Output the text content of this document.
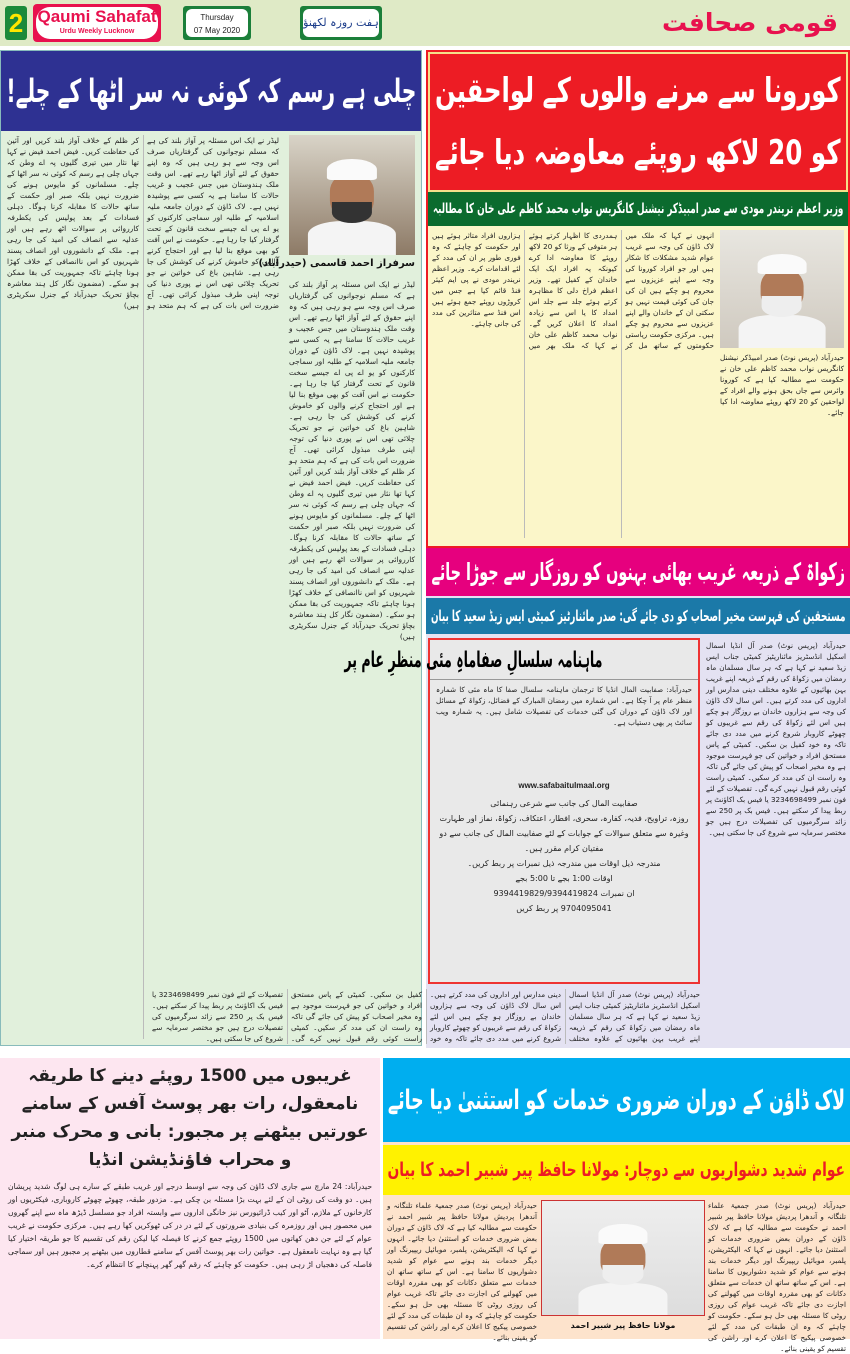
2 Qaumi Sahafat
Urdu Weekly Lucknow
Thursday
07 May 2020
ہفت روزہ لکھنؤ	قومی صحافت
کورونا سے مرنے والوں کے لواحقین
کو 20 لاکھ روپئے معاوضہ دیا جائے
وزیر اعظم نریندر مودی سے صدر امبیڈکر نیشنل کانگریس نواب محمد کاظم علی خان کا مطالبہ
حیدرآباد (پریس نوٹ) صدر امبیڈکر نیشنل کانگریس نواب محمد کاظم علی خان نے حکومت سے مطالبہ کیا ہے کہ کورونا وائرس سے جاں بحق ہونے والے افراد کے لواحقین کو 20 لاکھ روپئے معاوضہ ادا کیا جائے۔
انہوں نے کہا کہ ملک میں لاک ڈاؤن کی وجہ سے غریب عوام شدید مشکلات کا شکار ہیں اور جو افراد کورونا کی وجہ سے اپنے عزیزوں سے محروم ہو چکے ہیں ان کی جان کی کوئی قیمت نہیں ہو سکتی ان کے خاندان والے اپنے عزیزوں سے محروم ہو چکے ہیں۔ مرکزی حکومت ریاستی حکومتوں کے ساتھ مل کر ہمدردی کا اظہار کرتے ہوئے ہر متوفی کے ورثا کو 20 لاکھ روپئے کا معاوضہ ادا کرے کیونکہ یہ افراد ایک ایک خاندان کے کفیل تھے۔ وزیر اعظم فراخ دلی کا مظاہرہ کرتے ہوئے جلد سے جلد اس امداد کا یا اس سے زیادہ امداد کا اعلان کریں گے۔ نواب محمد کاظم علی خان نے کہا کہ ملک بھر میں ہزاروں افراد متاثر ہوئے ہیں اور حکومت کو چاہئے کہ وہ فوری طور پر ان کی مدد کے لئے اقدامات کرے۔ وزیر اعظم نریندر مودی نے پی ایم کیئر فنڈ قائم کیا ہے جس میں کروڑوں روپئے جمع ہوئے ہیں اس فنڈ سے متاثرین کی مدد کی جانی چاہئے۔
چلی ہے رسم کہ کوئی نہ سر اٹھا کے چلے!
سرفراز احمد قاسمی (حیدرآباد)
لیڈر نے ایک اس مسئلہ پر آواز بلند کی ہے کہ مسلم نوجوانوں کی گرفتاریاں صرف اس وجہ سے ہو رہی ہیں کہ وہ اپنے حقوق کے لئے آواز اٹھا رہے تھے۔ اس وقت ملک ہندوستان میں جس عجیب و غریب حالات کا سامنا ہے یہ کسی سے پوشیدہ نہیں ہے۔ لاک ڈاؤن کے دوران جامعہ ملیہ اسلامیہ کے طلبہ اور سماجی کارکنوں کو یو اے پی اے جیسے سخت قانون کے تحت گرفتار کیا جا رہا ہے۔ حکومت نے اس آفت کو بھی موقع بنا لیا ہے اور احتجاج کرنے والوں کو خاموش کرنے کی کوشش کی جا رہی ہے۔ شاہین باغ کی خواتین نے جو تحریک چلائی تھی اس نے پوری دنیا کی توجہ اپنی طرف مبذول کرائی تھی۔ آج ضرورت اس بات کی ہے کہ ہم متحد ہو کر ظلم کے خلاف آواز بلند کریں اور آئین کی حفاظت کریں۔ فیض احمد فیض نے کہا تھا نثار میں تیری گلیوں پہ اے وطن کہ جہاں چلی ہے رسم کہ کوئی نہ سر اٹھا کے چلے۔ مسلمانوں کو مایوس ہونے کی ضرورت نہیں بلکہ صبر اور حکمت کے ساتھ حالات کا مقابلہ کرنا ہوگا۔ دہلی فسادات کے بعد پولیس کی یکطرفہ کارروائی پر سوالات اٹھ رہے ہیں اور عدلیہ سے انصاف کی امید کی جا رہی ہے۔ ملک کے دانشوروں اور انصاف پسند شہریوں کو اس ناانصافی کے خلاف کھڑا ہونا چاہئے تاکہ جمہوریت کی بقا ممکن ہو سکے۔ (مضمون نگار کل ہند معاشرہ بچاؤ تحریک حیدرآباد کے جنرل سکریٹری ہیں)
لیڈر نے ایک اس مسئلہ پر آواز بلند کی ہے کہ مسلم نوجوانوں کی گرفتاریاں صرف اس وجہ سے ہو رہی ہیں کہ وہ اپنے حقوق کے لئے آواز اٹھا رہے تھے۔ اس وقت ملک ہندوستان میں جس عجیب و غریب حالات کا سامنا ہے یہ کسی سے پوشیدہ نہیں ہے۔ لاک ڈاؤن کے دوران جامعہ ملیہ اسلامیہ کے طلبہ اور سماجی کارکنوں کو یو اے پی اے جیسے سخت قانون کے تحت گرفتار کیا جا رہا ہے۔ حکومت نے اس آفت کو بھی موقع بنا لیا ہے اور احتجاج کرنے والوں کو خاموش کرنے کی کوشش کی جا رہی ہے۔ شاہین باغ کی خواتین نے جو تحریک چلائی تھی اس نے پوری دنیا کی توجہ اپنی طرف مبذول کرائی تھی۔ آج ضرورت اس بات کی ہے کہ ہم متحد ہو کر ظلم کے خلاف آواز بلند کریں اور آئین کی حفاظت کریں۔ فیض احمد فیض نے کہا تھا نثار میں تیری گلیوں پہ اے وطن کہ جہاں چلی ہے رسم کہ کوئی نہ سر اٹھا کے چلے۔ مسلمانوں کو مایوس ہونے کی ضرورت نہیں بلکہ صبر اور حکمت کے ساتھ حالات کا مقابلہ کرنا ہوگا۔ دہلی فسادات کے بعد پولیس کی یکطرفہ کارروائی پر سوالات اٹھ رہے ہیں اور عدلیہ سے انصاف کی امید کی جا رہی ہے۔ ملک کے دانشوروں اور انصاف پسند شہریوں کو اس ناانصافی کے خلاف کھڑا ہونا چاہئے تاکہ جمہوریت کی بقا ممکن ہو سکے۔ (مضمون نگار کل ہند معاشرہ بچاؤ تحریک حیدرآباد کے جنرل سکریٹری ہیں)
زکواۃ کے ذریعہ غریب بھائی بہنوں کو روزگار سے جوڑا جائے
مستحقین کی فہرست مخیر اصحاب کو دی جائے گی: صدر مائنارٹیز کمیٹی ایس زیڈ سعید کا بیان
حیدرآباد (پریس نوٹ) صدر آل انڈیا اسمال اسکیل انڈسٹریز مائناریٹیز کمیٹی جناب ایس زیڈ سعید نے کہا ہے کہ ہر سال مسلمان ماہ رمضان میں زکواۃ کی رقم کے ذریعہ اپنے غریب بہن بھائیوں کے علاوہ مختلف دینی مدارس اور اداروں کی مدد کرتے ہیں۔ اس سال لاک ڈاؤن کی وجہ سے ہزاروں خاندان بے روزگار ہو چکے ہیں اس لئے زکواۃ کی رقم سے غریبوں کو چھوٹے کاروبار شروع کرنے میں مدد دی جائے تاکہ وہ خود کفیل بن سکیں۔ کمیٹی کے پاس مستحق افراد و خواتین کی جو فہرست موجود ہے وہ مخیر اصحاب کو پیش کی جائے گی تاکہ وہ راست ان کی مدد کر سکیں۔ کمیٹی راست کوئی رقم قبول نہیں کرے گی۔ تفصیلات کے لئے فون نمبر 3234698499 یا فیس بک اکاؤنٹ پر ربط پیدا کر سکتے ہیں۔ فیس بک پر 250 سے زائد سرگرمیوں کی تفصیلات درج ہیں جو مختصر سرمایہ سے شروع کی جا سکتی ہیں۔
حیدرآباد (پریس نوٹ) صدر آل انڈیا اسمال اسکیل انڈسٹریز مائناریٹیز کمیٹی جناب ایس زیڈ سعید نے کہا ہے کہ ہر سال مسلمان ماہ رمضان میں زکواۃ کی رقم کے ذریعہ اپنے غریب بہن بھائیوں کے علاوہ مختلف دینی مدارس اور اداروں کی مدد کرتے ہیں۔ اس سال لاک ڈاؤن کی وجہ سے ہزاروں خاندان بے روزگار ہو چکے ہیں اس لئے زکواۃ کی رقم سے غریبوں کو چھوٹے کاروبار شروع کرنے میں مدد دی جائے تاکہ وہ خود
ماہنامہ سلسالِ صفاماہِ مئی منظرِ عام پر
حیدرآباد: صفابیت المال انڈیا کا ترجمان ماہنامہ سلسال صفا کا ماہ مئی کا شمارہ منظر عام پر آ چکا ہے۔ اس شمارہ میں رمضان المبارک کے فضائل، زکواۃ کے مسائل اور لاک ڈاؤن کے دوران کی گئی خدمات کی تفصیلات شامل ہیں۔ یہ شمارہ ویب سائٹ پر بھی دستیاب ہے۔
www.safabaitulmaal.org
صفابیت المال کی جانب سے شرعی رہنمائی
روزہ، تراویح، فدیہ، کفارہ، سحری، افطار، اعتکاف، زکواۃ، نماز اور طہارت وغیرہ سے متعلق سوالات کے جوابات کے لئے صفابیت المال کی جانب سے دو مفتیان کرام مقرر ہیں۔
مندرجہ ذیل اوقات میں مندرجہ ذیل نمبرات پر ربط کریں۔
اوقات 1:00 بجے تا 5:00 بجے
ان نمبرات 9394419829/9394419824
9704095041 پر ربط کریں
غریبوں میں 1500 روپئے دینے کا طریقہ نامعقول، رات بھر پوسٹ آفس کے سامنے عورتیں بیٹھنے پر مجبور: بانی و محرک منبر و محراب فاؤنڈیشن انڈیا
حیدرآباد: 24 مارچ سے جاری لاک ڈاؤن کی وجہ سے اوسط درجے اور غریب طبقے کے سارے ہی لوگ شدید پریشان ہیں۔ دو وقت کی روٹی ان کے لئے بہت بڑا مسئلہ بن چکی ہے۔ مزدور طبقہ، چھوٹے چھوٹے کاروباری، فیکٹریوں اور کارخانوں کے ملازم، آٹو اور کیب ڈرائیورس نیز خانگی اداروں سے وابستہ افراد جو مسلسل ڈیڑھ ماہ سے اپنے گھروں میں محصور ہیں اور روزمرہ کی بنیادی ضرورتوں کے لئے در در کی ٹھوکریں کھا رہے ہیں۔ مرکزی حکومت نے غریب عوام کے لئے جن دھن کھاتوں میں 1500 روپئے جمع کرنے کا فیصلہ کیا لیکن رقم کی تقسیم کا جو طریقہ اختیار کیا گیا ہے وہ نہایت نامعقول ہے۔ خواتین رات بھر پوسٹ آفس کے سامنے قطاروں میں بیٹھنے پر مجبور ہیں اور سماجی فاصلہ کی دھجیاں اڑ رہی ہیں۔ حکومت کو چاہئے کہ رقم گھر گھر پہنچانے کا انتظام کرے۔
لاک ڈاؤن کے دوران ضروری خدمات کو استثنیٰ دیا جائے
عوام شدید دشواریوں سے دوچار: مولانا حافظ پیر شبیر احمد کا بیان
مولانا حافظ پیر شبیر احمد
حیدرآباد (پریس نوٹ) صدر جمعیۃ علماء تلنگانہ و آندھرا پردیش مولانا حافظ پیر شبیر احمد نے حکومت سے مطالبہ کیا ہے کہ لاک ڈاؤن کے دوران بعض ضروری خدمات کو استثنیٰ دیا جائے۔ انہوں نے کہا کہ الیکٹریشن، پلمبر، موبائیل ریپیرنگ اور دیگر خدمات بند ہونے سے عوام کو شدید دشواریوں کا سامنا ہے۔ اس کے ساتھ ساتھ ان خدمات سے متعلق دکانات کو بھی مقررہ اوقات میں کھولنے کی اجازت دی جائے تاکہ غریب عوام کی روزی روٹی کا مسئلہ بھی حل ہو سکے۔ حکومت کو چاہئے کہ وہ ان طبقات کی مدد کے لئے خصوصی پیکیج کا اعلان کرے اور راشن کی تقسیم کو یقینی بنائے۔
حیدرآباد (پریس نوٹ) صدر جمعیۃ علماء تلنگانہ و آندھرا پردیش مولانا حافظ پیر شبیر احمد نے حکومت سے مطالبہ کیا ہے کہ لاک ڈاؤن کے دوران بعض ضروری خدمات کو استثنیٰ دیا جائے۔ انہوں نے کہا کہ الیکٹریشن، پلمبر، موبائیل ریپیرنگ اور دیگر خدمات بند ہونے سے عوام کو شدید دشواریوں کا سامنا ہے۔ اس کے ساتھ ساتھ ان خدمات سے متعلق دکانات کو بھی مقررہ اوقات میں کھولنے کی اجازت دی جائے تاکہ غریب عوام کی روزی روٹی کا مسئلہ بھی حل ہو سکے۔ حکومت کو چاہئے کہ وہ ان طبقات کی مدد کے لئے خصوصی پیکیج کا اعلان کرے اور راشن کی تقسیم کو یقینی بنائے۔
